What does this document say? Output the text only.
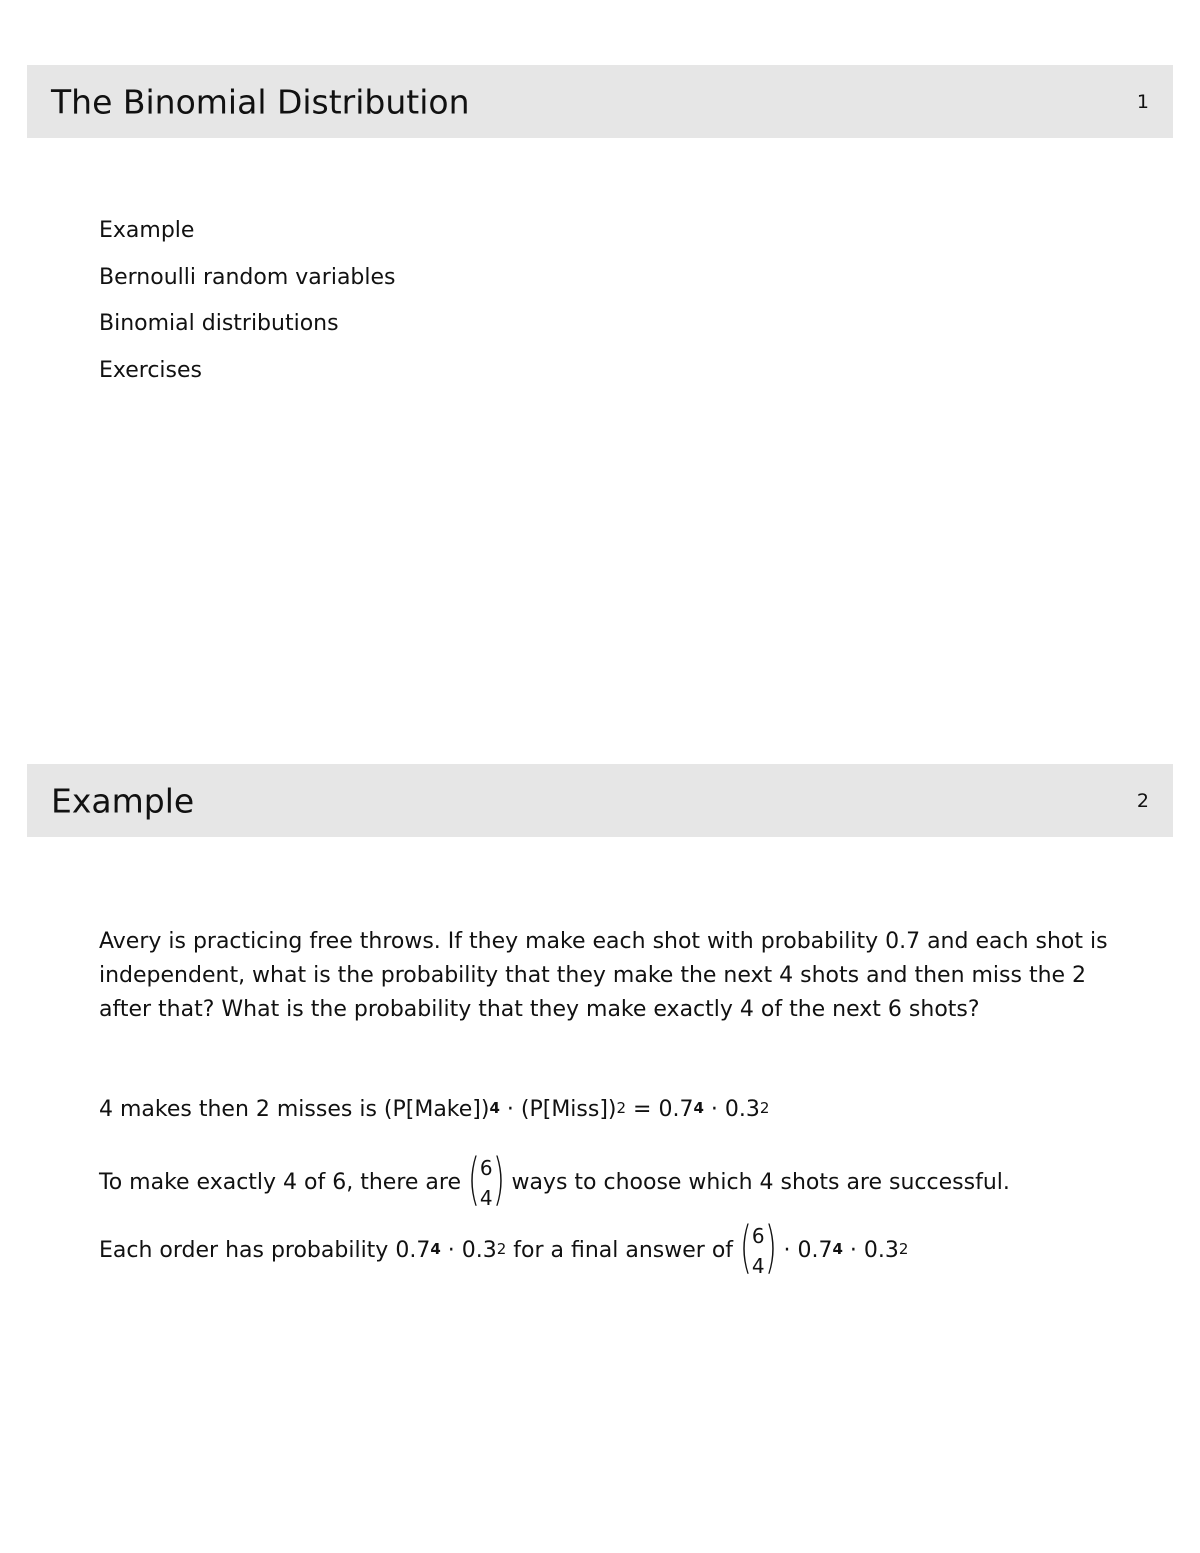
The Binomial Distribution	1
Example
Bernoulli random variables
Binomial distributions
Exercises
Example	2

Avery is practicing free throws. If they make each shot with probability 0.7 and each shot is independent, what is the probability that they make the next 4 shots and then miss the 2 after that? What is the probability that they make exactly 4 of the next 6 shots?

4 makes then 2 misses is (P[Make])$^4$ · (P[Miss])$^2$ = $0.7^4 \cdot 0.3^2$
To make exactly 4 of 6, there are ( 6
4 ) ways to choose which 4 shots are successful.
Each order has probability $0.7^4 \cdot 0.3^2$ for a final answer of ( 6
4 ) · $0.7^4 \cdot 0.3^2$
